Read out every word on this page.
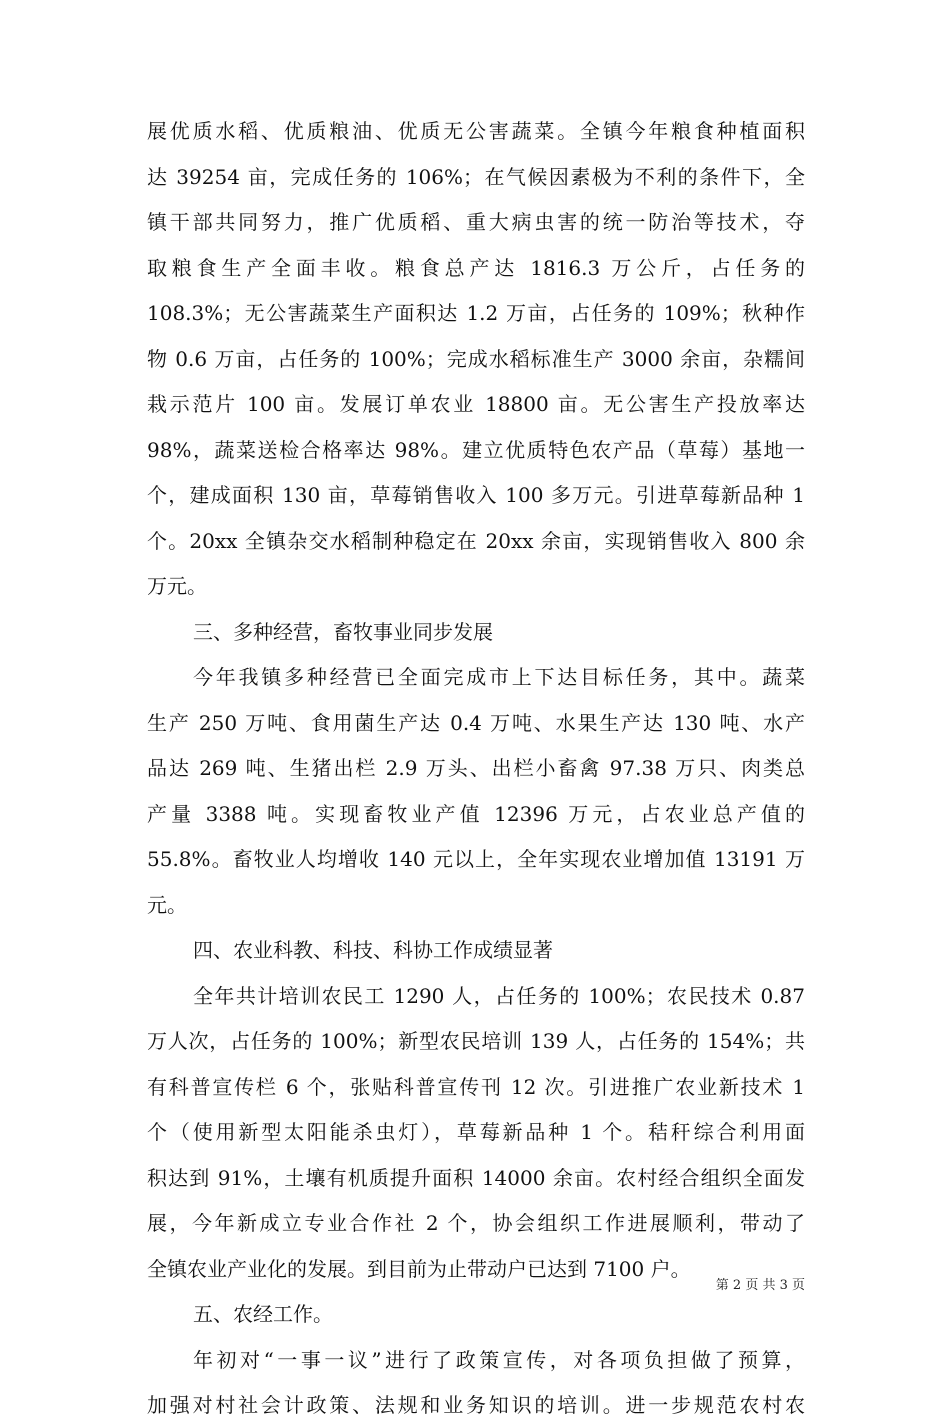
展优质水稻、优质粮油、优质无公害蔬菜。全镇今年粮食种植面积
达 39254 亩，完成任务的 106%；在气候因素极为不利的条件下，全
镇干部共同努力，推广优质稻、重大病虫害的统一防治等技术，夺
取粮食生产全面丰收。粮食总产达 1816.3 万公斤，占任务的
108.3%；无公害蔬菜生产面积达 1.2 万亩，占任务的 109%；秋种作
物 0.6 万亩，占任务的 100%；完成水稻标准生产 3000 余亩，杂糯间
栽示范片 100 亩。发展订单农业 18800 亩。无公害生产投放率达
98%，蔬菜送检合格率达 98%。建立优质特色农产品（草莓）基地一
个，建成面积 130 亩，草莓销售收入 100 多万元。引进草莓新品种 1
个。20xx 全镇杂交水稻制种稳定在 20xx 余亩，实现销售收入 800 余
万元。
三、多种经营，畜牧事业同步发展
今年我镇多种经营已全面完成市上下达目标任务，其中。蔬菜
生产 250 万吨、食用菌生产达 0.4 万吨、水果生产达 130 吨、水产
品达 269 吨、生猪出栏 2.9 万头、出栏小畜禽 97.38 万只、肉类总
产量 3388 吨。实现畜牧业产值 12396 万元，占农业总产值的
55.8%。畜牧业人均增收 140 元以上，全年实现农业增加值 13191 万
元。
四、农业科教、科技、科协工作成绩显著
全年共计培训农民工 1290 人，占任务的 100%；农民技术 0.87
万人次，占任务的 100%；新型农民培训 139 人，占任务的 154%；共
有科普宣传栏 6 个，张贴科普宣传刊 12 次。引进推广农业新技术 1
个（使用新型太阳能杀虫灯），草莓新品种 1 个。秸秆综合利用面
积达到 91%，土壤有机质提升面积 14000 余亩。农村经合组织全面发
展，今年新成立专业合作社 2 个，协会组织工作进展顺利，带动了
全镇农业产业化的发展。到目前为止带动户已达到 7100 户。
五、农经工作。
年初对“一事一议”进行了政策宣传，对各项负担做了预算，
加强对村社会计政策、法规和业务知识的培训。进一步规范农村农
第 2 页 共 3 页
